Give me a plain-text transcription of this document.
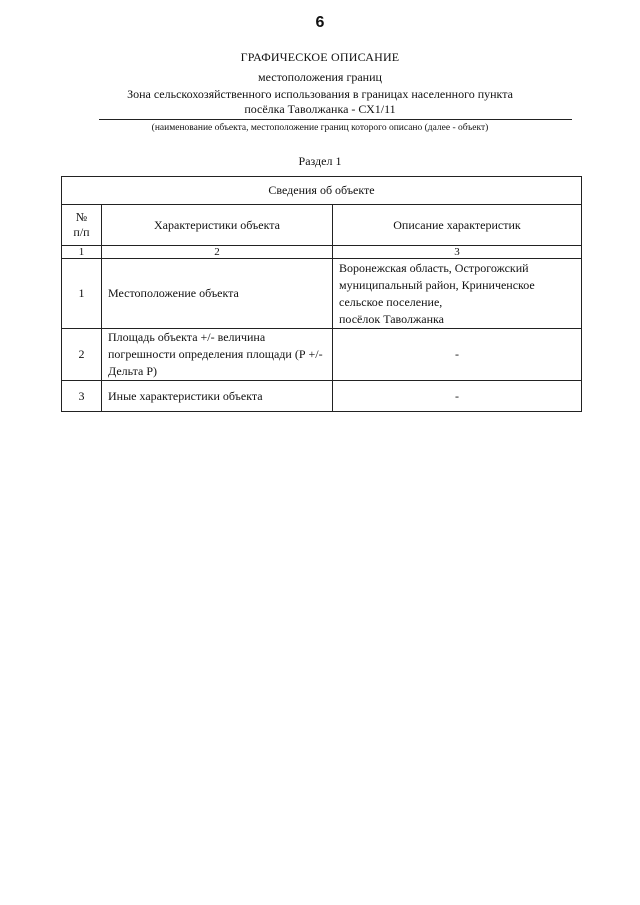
6
ГРАФИЧЕСКОЕ ОПИСАНИЕ
местоположения границ
Зона сельскохозяйственного использования в границах населенного пункта
посёлка Таволжанка - СХ1/11
(наименование объекта, местоположение границ которого описано (далее - объект)
Раздел 1
Сведения об объекте		
№
п/п	Характеристики объекта	Описание характеристик
1	2	3
1	Местоположение объекта	Воронежская область, Острогожский
муниципальный район, Криниченское
сельское поселение,
посёлок Таволжанка

2	Площадь объекта +/- величина погрешности определения площади (Р +/- Дельта Р)	-
3	Иные характеристики объекта	-
